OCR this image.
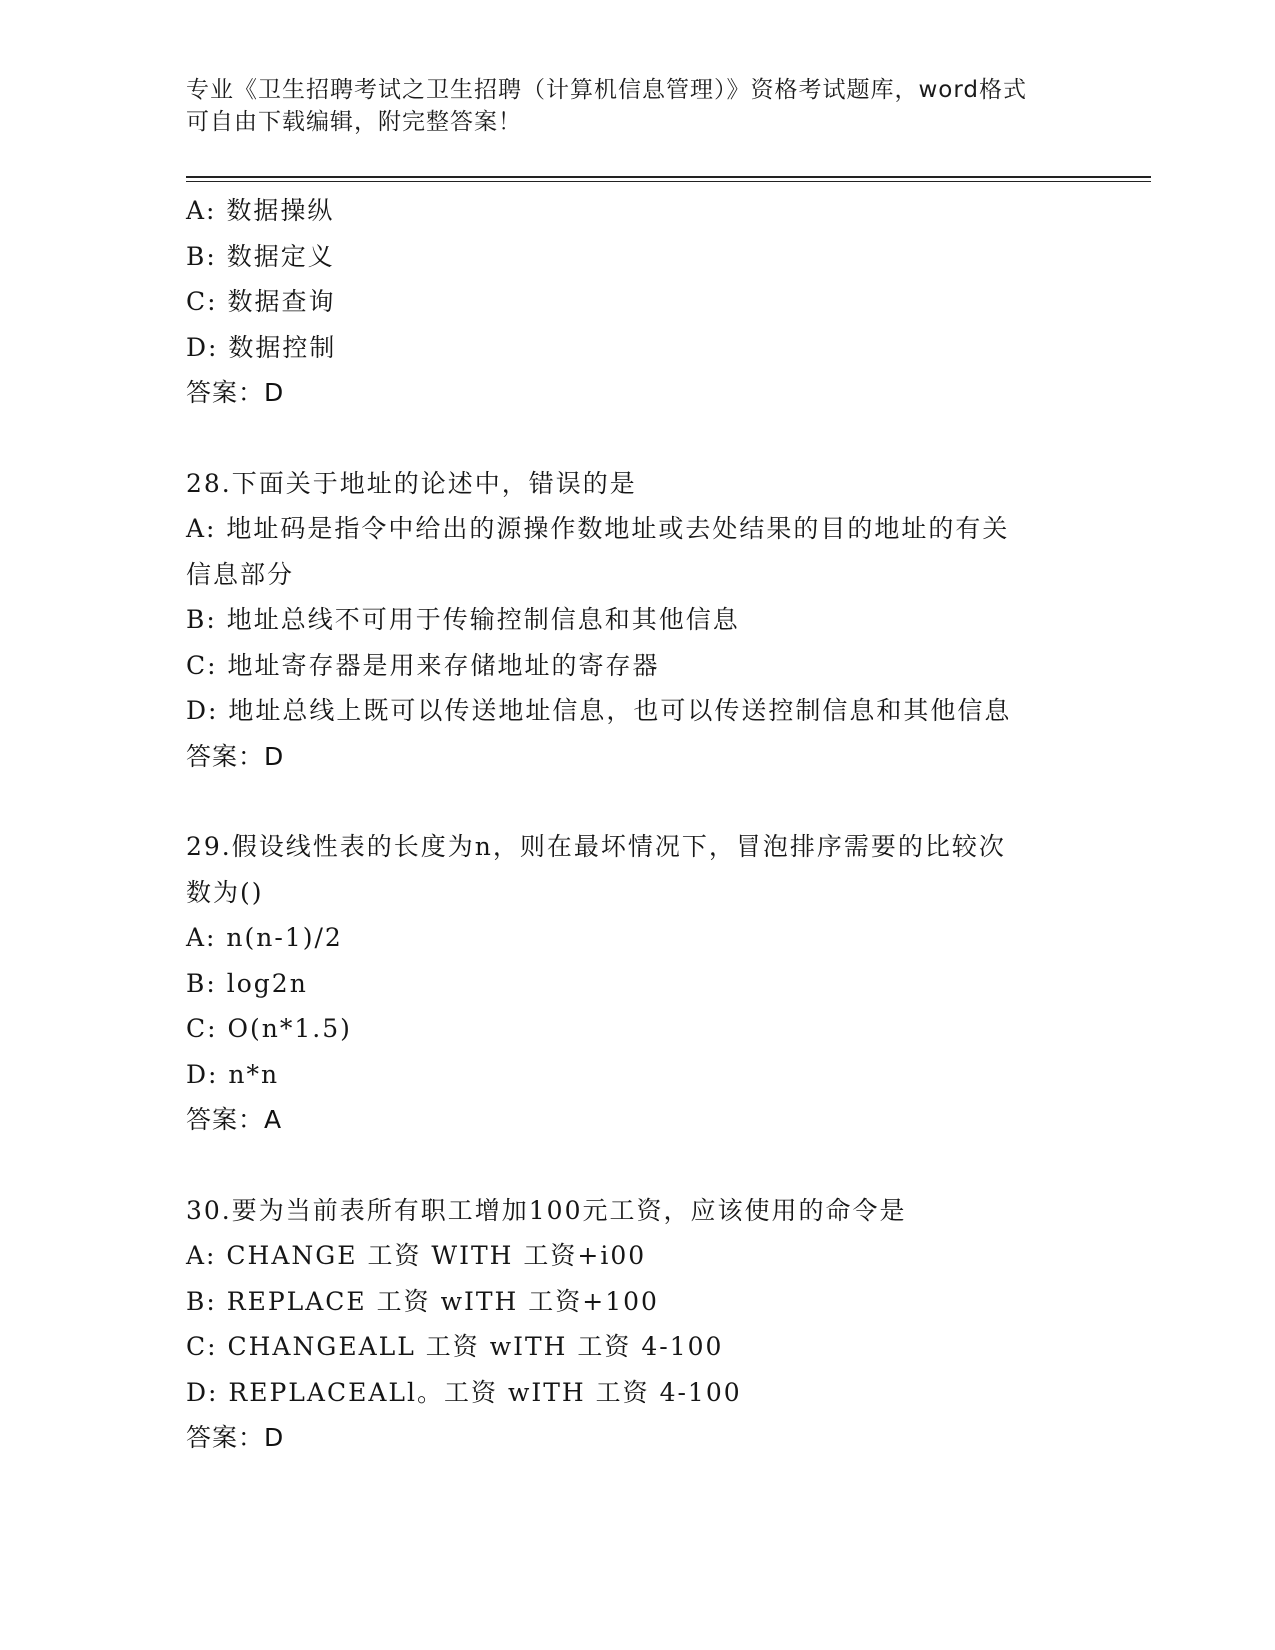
专业《卫生招聘考试之卫生招聘（计算机信息管理）》资格考试题库，word格式
可自由下载编辑，附完整答案！
A: 数据操纵
B: 数据定义
C: 数据查询
D: 数据控制
答案：D
28.下面关于地址的论述中，错误的是
A: 地址码是指令中给出的源操作数地址或去处结果的目的地址的有关
信息部分
B: 地址总线不可用于传输控制信息和其他信息
C: 地址寄存器是用来存储地址的寄存器
D: 地址总线上既可以传送地址信息，也可以传送控制信息和其他信息
答案：D
29.假设线性表的长度为n，则在最坏情况下，冒泡排序需要的比较次
数为()
A: n(n-1)/2
B: log2n
C: O(n*1.5)
D: n*n
答案：A
30.要为当前表所有职工增加100元工资，应该使用的命令是
A: CHANGE 工资 WITH 工资+i00
B: REPLACE 工资 wITH 工资+100
C: CHANGEALL 工资 wITH 工资 4-100
D: REPLACEALl。工资 wITH 工资 4-100
答案：D
